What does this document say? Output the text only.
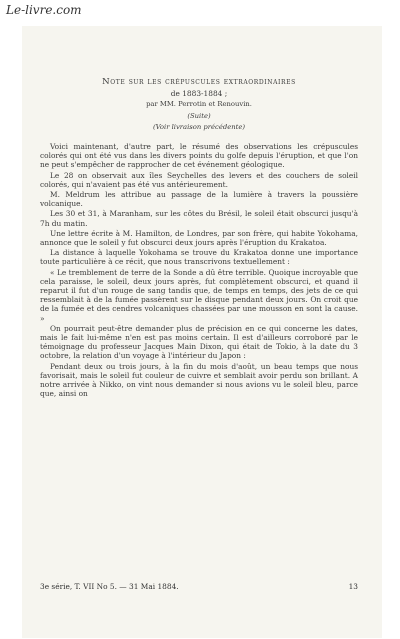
Le-livre.com
Note sur les crépuscules extraordinaires
de 1883-1884 ;
par MM. Perrotin et Renouvin.
(Suite)
(Voir livraison précédente)

Voici maintenant, d'autre part, le résumé des observations les crépuscules colorés qui ont été vus dans les divers points du golfe depuis l'éruption, et que l'on ne peut s'empêcher de rapprocher de cet événement géologique.

Le 28 on observait aux îles Seychelles des levers et des couchers de soleil colorés, qui n'avaient pas été vus antérieurement.

M. Meldrum les attribue au passage de la lumière à travers la poussière volcanique.

Les 30 et 31, à Maranham, sur les côtes du Brésil, le soleil était obscurci jusqu'à 7h du matin.

Une lettre écrite à M. Hamilton, de Londres, par son frère, qui habite Yokohama, annonce que le soleil y fut obscurci deux jours après l'éruption du Krakatoa.

La distance à laquelle Yokohama se trouve du Krakatoa donne une importance toute particulière à ce récit, que nous transcrivons textuellement :

« Le tremblement de terre de la Sonde a dû être terrible. Quoique incroyable que cela paraisse, le soleil, deux jours après, fut complètement obscurci, et quand il reparut il fut d'un rouge de sang tandis que, de temps en temps, des jets de ce qui ressemblait à de la fumée passèrent sur le disque pendant deux jours. On croit que de la fumée et des cendres volcaniques chassées par une mousson en sont la cause. »

On pourrait peut-être demander plus de précision en ce qui concerne les dates, mais le fait lui-même n'en est pas moins certain. Il est d'ailleurs corroboré par le témoignage du professeur Jacques Main Dixon, qui était de Tokio, à la date du 3 octobre, la relation d'un voyage à l'intérieur du Japon :

Pendant deux ou trois jours, à la fin du mois d'août, un beau temps que nous favorisait, mais le soleil fut couleur de cuivre et semblait avoir perdu son brillant. A notre arrivée à Nikko, on vint nous demander si nous avions vu le soleil bleu, parce que, ainsi on

3e série, T. VII No 5. — 31 Mai 1884.	13
